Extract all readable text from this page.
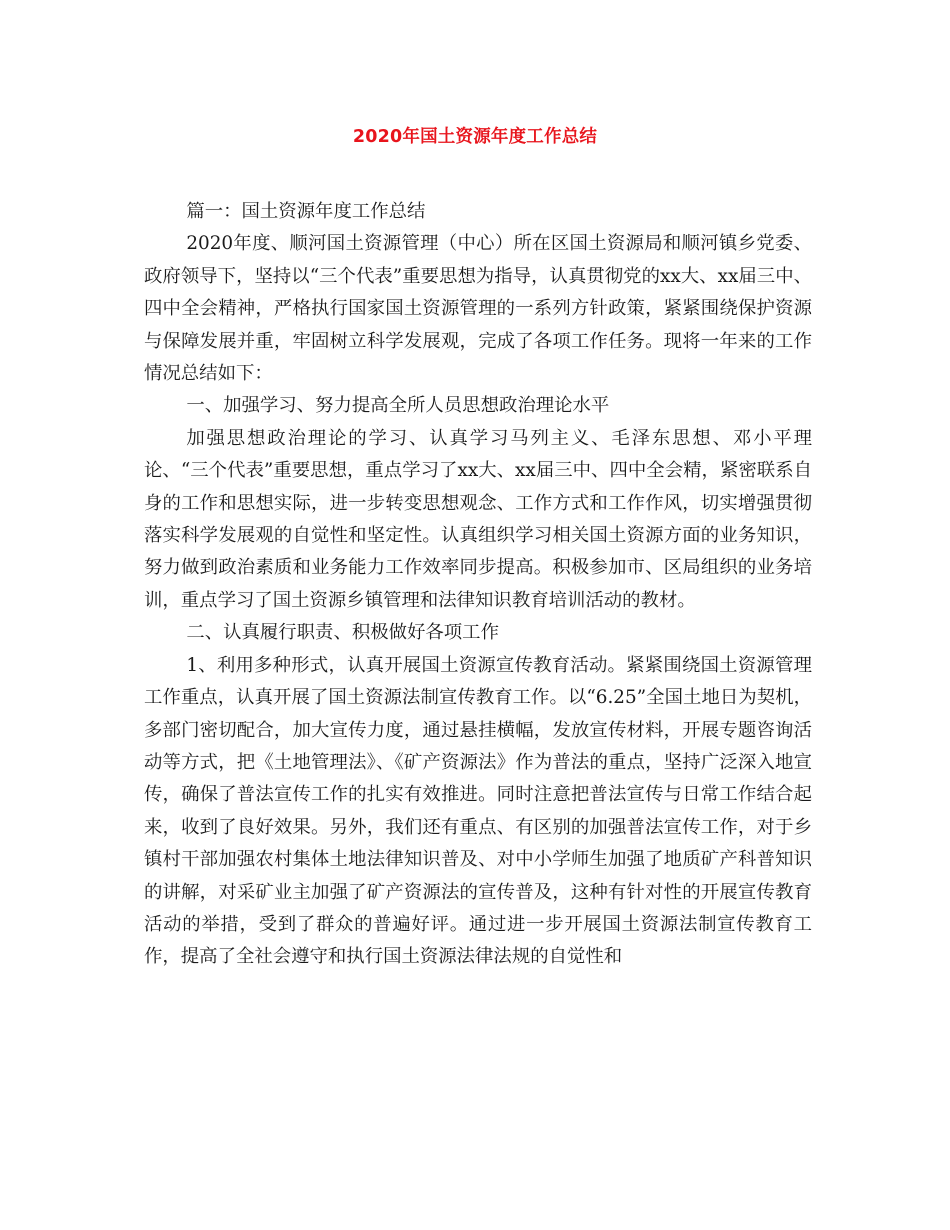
2020年国土资源年度工作总结

篇一：国土资源年度工作总结

2020年度、顺河国土资源管理（中心）所在区国土资源局和顺河镇乡党委、政府领导下，坚持以“三个代表”重要思想为指导，认真贯彻党的xx大、xx届三中、四中全会精神，严格执行国家国土资源管理的一系列方针政策，紧紧围绕保护资源与保障发展并重，牢固树立科学发展观，完成了各项工作任务。现将一年来的工作情况总结如下：

一、加强学习、努力提高全所人员思想政治理论水平

加强思想政治理论的学习、认真学习马列主义、毛泽东思想、邓小平理论、“三个代表”重要思想，重点学习了xx大、xx届三中、四中全会精，紧密联系自身的工作和思想实际，进一步转变思想观念、工作方式和工作作风，切实增强贯彻落实科学发展观的自觉性和坚定性。认真组织学习相关国土资源方面的业务知识，努力做到政治素质和业务能力工作效率同步提高。积极参加市、区局组织的业务培训，重点学习了国土资源乡镇管理和法律知识教育培训活动的教材。

二、认真履行职责、积极做好各项工作

1、利用多种形式，认真开展国土资源宣传教育活动。紧紧围绕国土资源管理工作重点，认真开展了国土资源法制宣传教育工作。以“6.25”全国土地日为契机，多部门密切配合，加大宣传力度，通过悬挂横幅，发放宣传材料，开展专题咨询活动等方式，把《土地管理法》、《矿产资源法》作为普法的重点，坚持广泛深入地宣传，确保了普法宣传工作的扎实有效推进。同时注意把普法宣传与日常工作结合起来，收到了良好效果。另外，我们还有重点、有区别的加强普法宣传工作，对于乡镇村干部加强农村集体土地法律知识普及、对中小学师生加强了地质矿产科普知识的讲解，对采矿业主加强了矿产资源法的宣传普及，这种有针对性的开展宣传教育活动的举措，受到了群众的普遍好评。通过进一步开展国土资源法制宣传教育工作，提高了全社会遵守和执行国土资源法律法规的自觉性和
